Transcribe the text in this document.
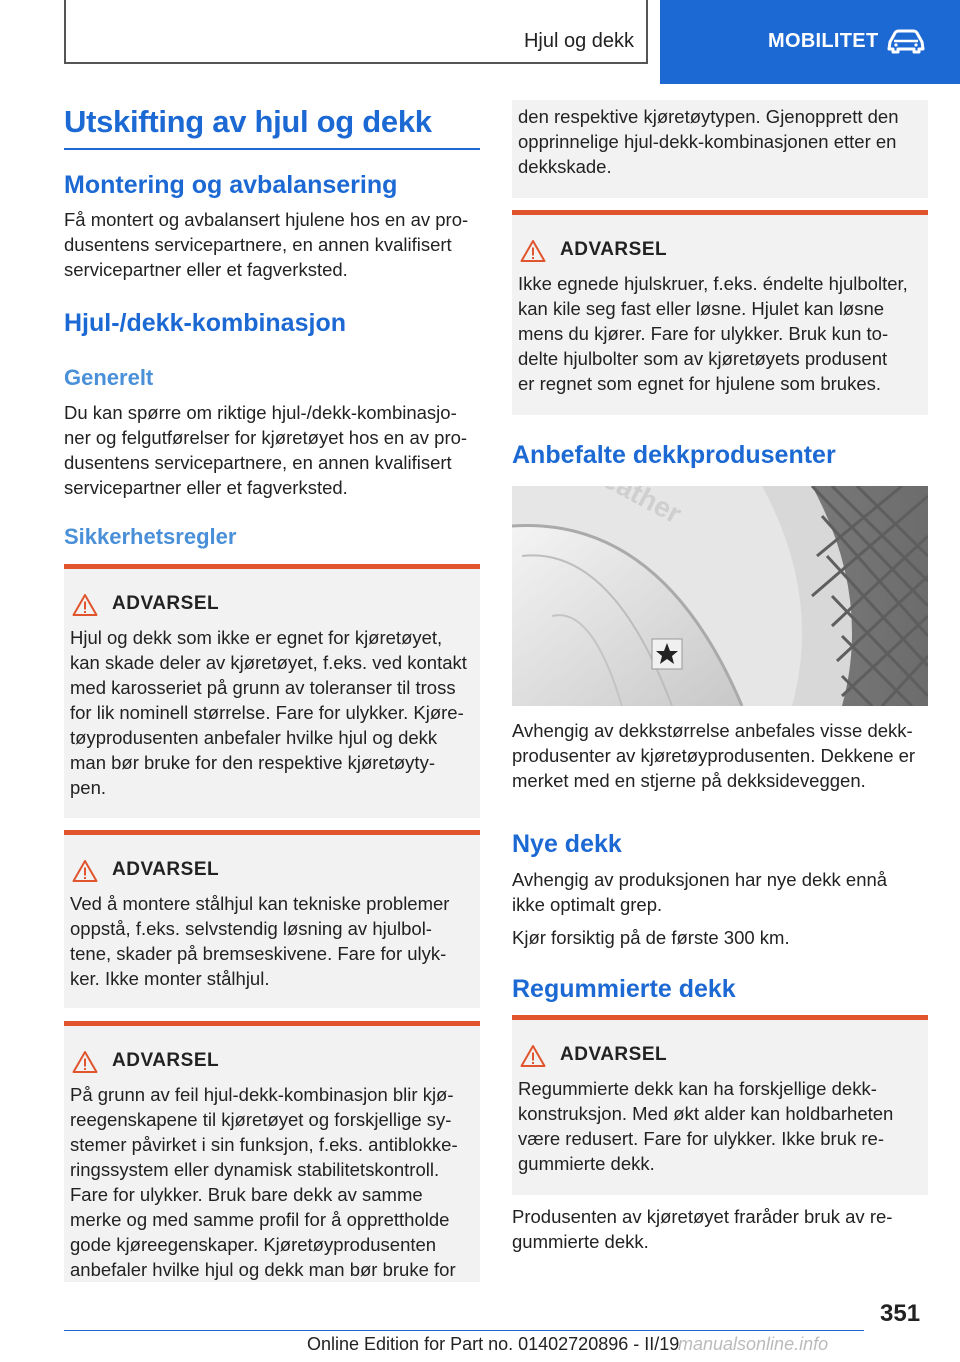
Hjul og dekk	MOBILITET
Utskifting av hjul og dekk
Montering og avbalansering
Få montert og avbalansert hjulene hos en av pro-
dusentens servicepartnere, en annen kvalifisert
servicepartner eller et fagverksted.
Hjul-/dekk-kombinasjon
Generelt
Du kan spørre om riktige hjul-/dekk-kombinasjo-
ner og felgutførelser for kjøretøyet hos en av pro-
dusentens servicepartnere, en annen kvalifisert
servicepartner eller et fagverksted.
Sikkerhetsregler
ADVARSEL
Hjul og dekk som ikke er egnet for kjøretøyet,
kan skade deler av kjøretøyet, f.eks. ved kontakt
med karosseriet på grunn av toleranser til tross
for lik nominell størrelse. Fare for ulykker. Kjøre-
tøyprodusenten anbefaler hvilke hjul og dekk
man bør bruke for den respektive kjøretøyty-
pen.
ADVARSEL
Ved å montere stålhjul kan tekniske problemer
oppstå, f.eks. selvstendig løsning av hjulbol-
tene, skader på bremseskivene. Fare for ulyk-
ker. Ikke monter stålhjul.
ADVARSEL
På grunn av feil hjul-dekk-kombinasjon blir kjø-
reegenskapene til kjøretøyet og forskjellige sy-
stemer påvirket i sin funksjon, f.eks. antiblokke-
ringssystem eller dynamisk stabilitetskontroll.
Fare for ulykker. Bruk bare dekk av samme
merke og med samme profil for å opprettholde
gode kjøreegenskaper. Kjøretøyprodusenten
anbefaler hvilke hjul og dekk man bør bruke for
den respektive kjøretøytypen. Gjenopprett den
opprinnelige hjul-dekk-kombinasjonen etter en
dekkskade.
ADVARSEL
Ikke egnede hjulskruer, f.eks. éndelte hjulbolter,
kan kile seg fast eller løsne. Hjulet kan løsne
mens du kjører. Fare for ulykker. Bruk kun to-
delte hjulbolter som av kjøretøyets produsent
er regnet som egnet for hjulene som brukes.
Anbefalte dekkprodusenter
Avhengig av dekkstørrelse anbefales visse dekk-
produsenter av kjøretøyprodusenten. Dekkene er
merket med en stjerne på dekksideveggen.
Nye dekk
Avhengig av produksjonen har nye dekk ennå
ikke optimalt grep.
Kjør forsiktig på de første 300 km.
Regummierte dekk
ADVARSEL
Regummierte dekk kan ha forskjellige dekk-
konstruksjon. Med økt alder kan holdbarheten
være redusert. Fare for ulykker. Ikke bruk re-
gummierte dekk.
Produsenten av kjøretøyet fraråder bruk av re-
gummierte dekk.
351
Online Edition for Part no. 01402720896 - II/19
manualsonline.info
